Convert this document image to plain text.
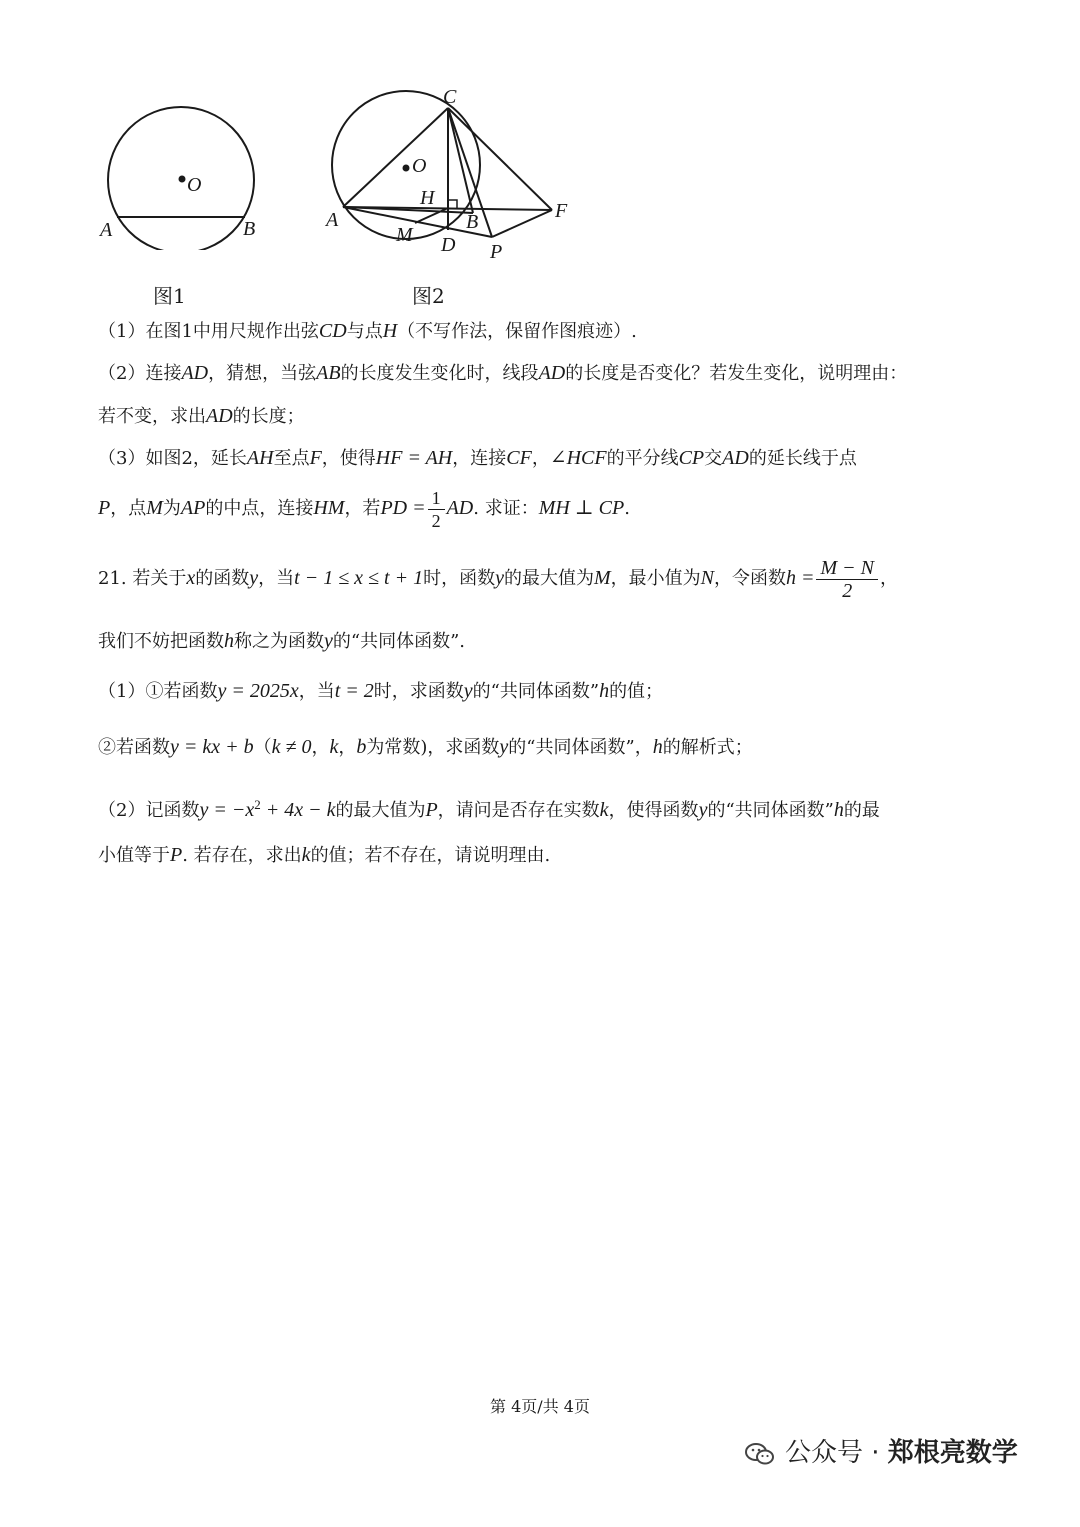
O
A	B
图1
C
O
H
A	B	F
M D P
图2
（1）在图1中用尺规作出弦CD与点H（不写作法，保留作图痕迹）.
（2）连接AD，猜想，当弦AB的长度发生变化时，线段AD的长度是否变化？若发生变化，说明理由：
若不变，求出AD的长度；
（3）如图2，延长AH至点F，使得HF = AH，连接CF，∠HCF的平分线CP交AD的延长线于点
P，点M为AP的中点，连接HM，若PD = $\frac{1}{2}$ AD. 求证：MH ⊥ CP.
21. 若关于x的函数y，当t − 1 ≤ x ≤ t + 1时，函数y的最大值为M，最小值为N，令函数$h = \frac{M - N}{2}$ ，
我们不妨把函数h称之为函数y的“共同体函数”.
（1）①若函数y = 2025x，当t = 2时，求函数y的“共同体函数”h的值；
②若函数y = kx + b（k ≠ 0，k，b为常数)，求函数y的“共同体函数”，h的解析式；
（2）记函数$y = -x^2 + 4x - k$的最大值为P，请问是否存在实数k，使得函数y的“共同体函数”h的最
小值等于P. 若存在，求出k的值；若不存在，请说明理由.
第 4页/共 4页
公众号 · 郑根亮数学
